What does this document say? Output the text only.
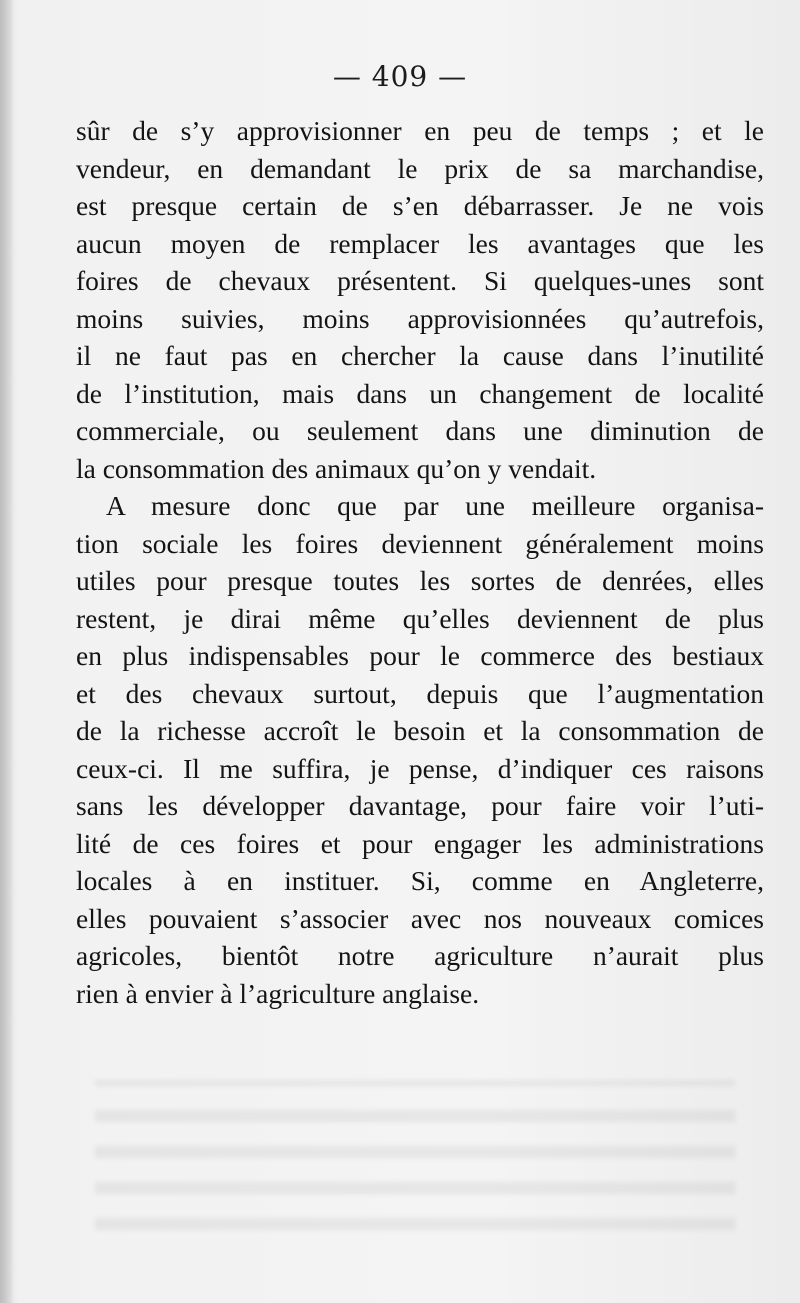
— 409 —
sûr de s’y approvisionner en peu de temps ; et le
vendeur, en demandant le prix de sa marchandise,
est presque certain de s’en débarrasser. Je ne vois
aucun moyen de remplacer les avantages que les
foires de chevaux présentent. Si quelques-unes sont
moins suivies, moins approvisionnées qu’autrefois,
il ne faut pas en chercher la cause dans l’inutilité
de l’institution, mais dans un changement de localité
commerciale, ou seulement dans une diminution de
la consommation des animaux qu’on y vendait.
A mesure donc que par une meilleure organisa-
tion sociale les foires deviennent généralement moins
utiles pour presque toutes les sortes de denrées, elles
restent, je dirai même qu’elles deviennent de plus
en plus indispensables pour le commerce des bestiaux
et des chevaux surtout, depuis que l’augmentation
de la richesse accroît le besoin et la consommation de
ceux-ci. Il me suffira, je pense, d’indiquer ces raisons
sans les développer davantage, pour faire voir l’uti-
lité de ces foires et pour engager les administrations
locales à en instituer. Si, comme en Angleterre,
elles pouvaient s’associer avec nos nouveaux comices
agricoles, bientôt notre agriculture n’aurait plus
rien à envier à l’agriculture anglaise.
